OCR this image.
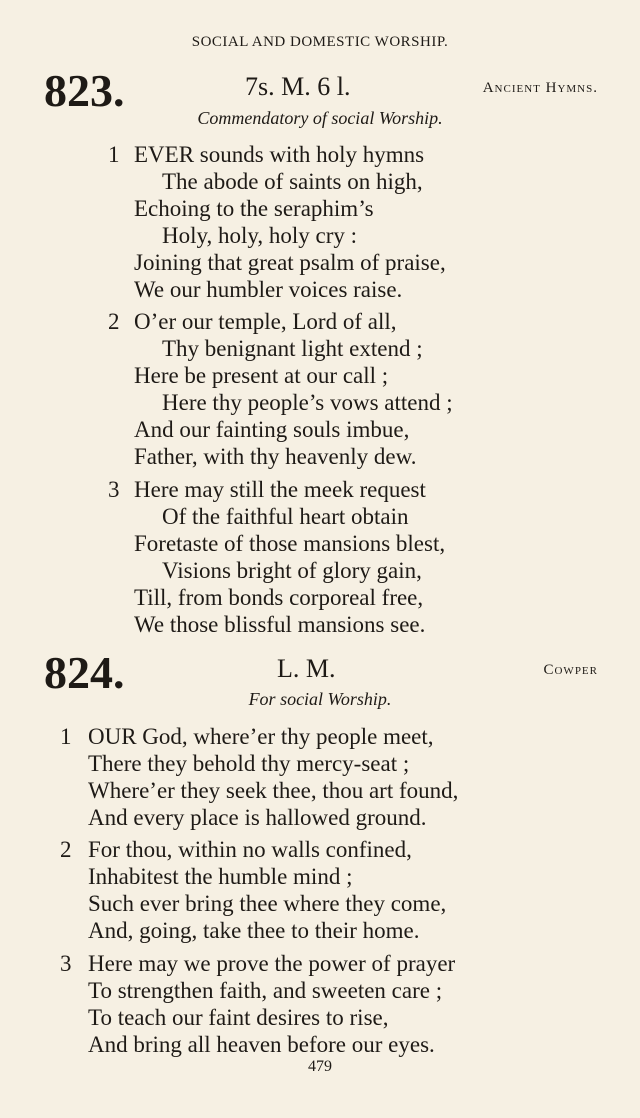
SOCIAL AND DOMESTIC WORSHIP.
823.	7s. M. 6 l.	Ancient Hymns.
Commendatory of social Worship.
1 EVER sounds with holy hymns
The abode of saints on high,
Echoing to the seraphim’s
Holy, holy, holy cry :
Joining that great psalm of praise,
We our humbler voices raise.
2 O’er our temple, Lord of all,
Thy benignant light extend ;
Here be present at our call ;
Here thy people’s vows attend ;
And our fainting souls imbue,
Father, with thy heavenly dew.
3 Here may still the meek request
Of the faithful heart obtain
Foretaste of those mansions blest,
Visions bright of glory gain,
Till, from bonds corporeal free,
We those blissful mansions see.
824.	L. M.	Cowper
For social Worship.
1 OUR God, where’er thy people meet,
There they behold thy mercy-seat ;
Where’er they seek thee, thou art found,
And every place is hallowed ground.
2 For thou, within no walls confined,
Inhabitest the humble mind ;
Such ever bring thee where they come,
And, going, take thee to their home.
3 Here may we prove the power of prayer
To strengthen faith, and sweeten care ;
To teach our faint desires to rise,
And bring all heaven before our eyes.
479
